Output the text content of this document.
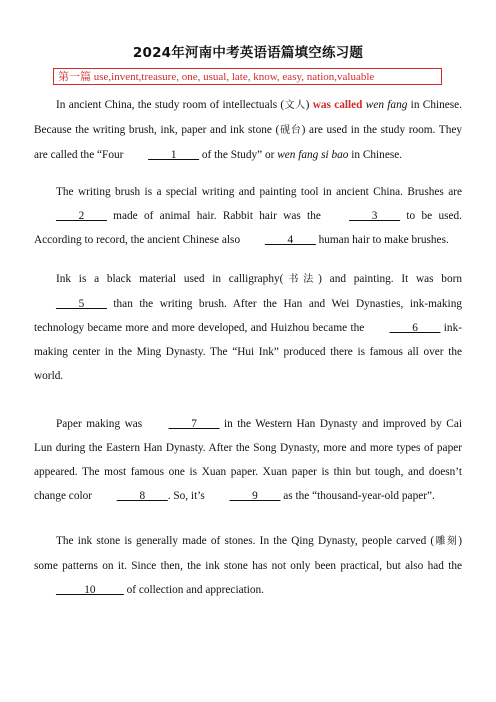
2024年河南中考英语语篇填空练习题
第一篇 use,invent,treasure, one, usual, late, know, easy, nation,valuable

In ancient China, the study room of intellectuals (文人) was called wen fang in Chinese. Because the writing brush, ink, paper and ink stone (砚台) are used in the study room. They are called the “Four ____1____ of the Study” or wen fang si bao in Chinese.

The writing brush is a special writing and painting tool in ancient China. Brushes are ____2____ made of animal hair. Rabbit hair was the ____3____ to be used. According to record, the ancient Chinese also ____4____ human hair to make brushes.

Ink is a black material used in calligraphy(书法) and painting. It was born ____5____ than the writing brush. After the Han and Wei Dynasties, ink-making technology became more and more developed, and Huizhou became the ____6____ ink-making center in the Ming Dynasty. The “Hui Ink” produced there is famous all over the world.

Paper making was ____7____ in the Western Han Dynasty and improved by Cai Lun during the Eastern Han Dynasty. After the Song Dynasty, more and more types of paper appeared. The most famous one is Xuan paper. Xuan paper is thin but tough, and doesn’t change color ____8____. So, it’s ____9____ as the “thousand-year-old paper”.

The ink stone is generally made of stones. In the Qing Dynasty, people carved (雕刻) some patterns on it. Since then, the ink stone has not only been practical, but also had the _____10_____ of collection and appreciation.
